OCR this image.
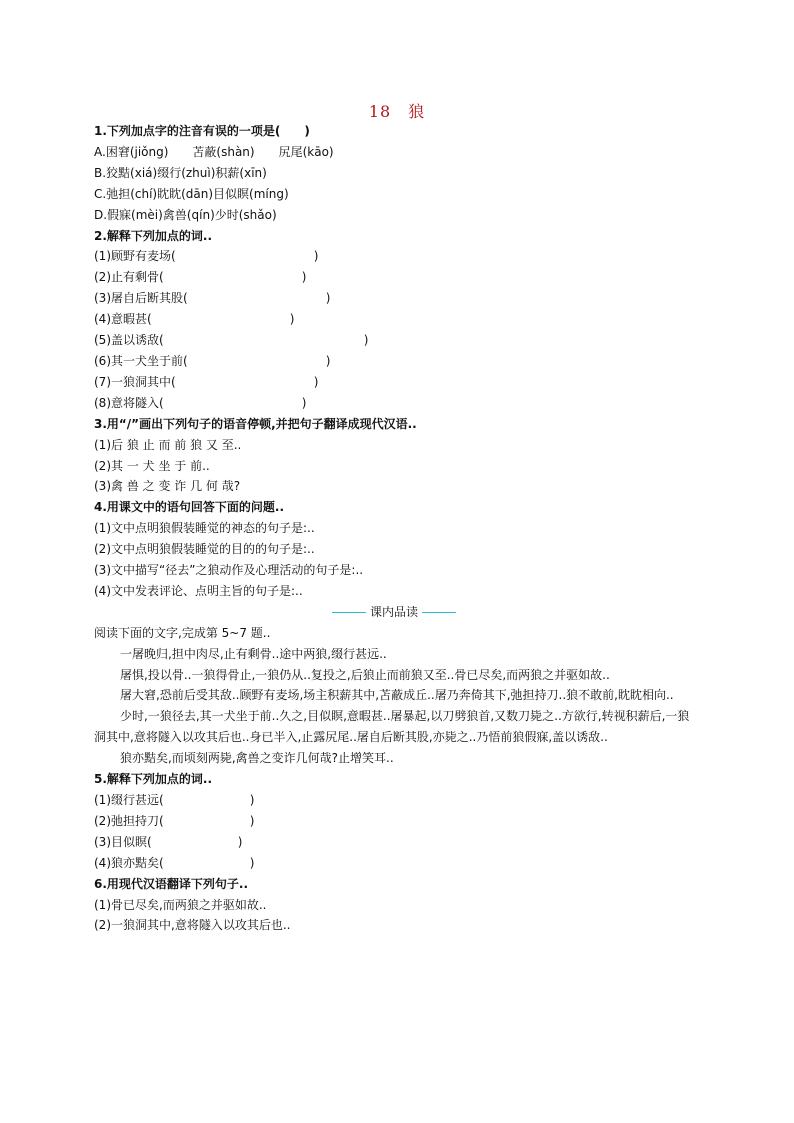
18　狼
1.下列加点字的注音有误的一项是(　　)
A.困窘(jiǒng)　　苫蔽(shàn)　　尻尾(kāo)
B.狡黠(xiá)缀行(zhuì)积薪(xīn)
C.弛担(chí)眈眈(dān)目似瞑(míng)
D.假寐(mèi)禽兽(qín)少时(shǎo)
2.解释下列加点的词..
(1)顾野有麦场(	)
(2)止有剩骨(	)
(3)屠自后断其股(	)
(4)意暇甚(	)
(5)盖以诱敌(	)
(6)其一犬坐于前(	)
(7)一狼洞其中(	)
(8)意将隧入(	)
3.用“/”画出下列句子的语音停顿,并把句子翻译成现代汉语..
(1)后 狼 止 而 前 狼 又 至..
(2)其 一 犬 坐 于 前..
(3)禽 兽 之 变 诈 几 何 哉?
4.用课文中的语句回答下面的问题..
(1)文中点明狼假装睡觉的神态的句子是:..
(2)文中点明狼假装睡觉的目的的句子是:..
(3)文中描写“径去”之狼动作及心理活动的句子是:..
(4)文中发表评论、点明主旨的句子是:..
课内品读
阅读下面的文字,完成第 5~7 题..
一屠晚归,担中肉尽,止有剩骨..途中两狼,缀行甚远..
屠惧,投以骨..一狼得骨止,一狼仍从..复投之,后狼止而前狼又至..骨已尽矣,而两狼之并驱如故..
屠大窘,恐前后受其敌..顾野有麦场,场主积薪其中,苫蔽成丘..屠乃奔倚其下,弛担持刀..狼不敢前,眈眈相向..
少时,一狼径去,其一犬坐于前..久之,目似瞑,意暇甚..屠暴起,以刀劈狼首,又数刀毙之..方欲行,转视积薪后,一狼洞其中,意将隧入以攻其后也..身已半入,止露尻尾..屠自后断其股,亦毙之..乃悟前狼假寐,盖以诱敌..
狼亦黠矣,而顷刻两毙,禽兽之变诈几何哉?止增笑耳..
5.解释下列加点的词..
(1)缀行甚远(	)
(2)弛担持刀(	)
(3)目似瞑(	)
(4)狼亦黠矣(	)
6.用现代汉语翻译下列句子..
(1)骨已尽矣,而两狼之并驱如故..
(2)一狼洞其中,意将隧入以攻其后也..
